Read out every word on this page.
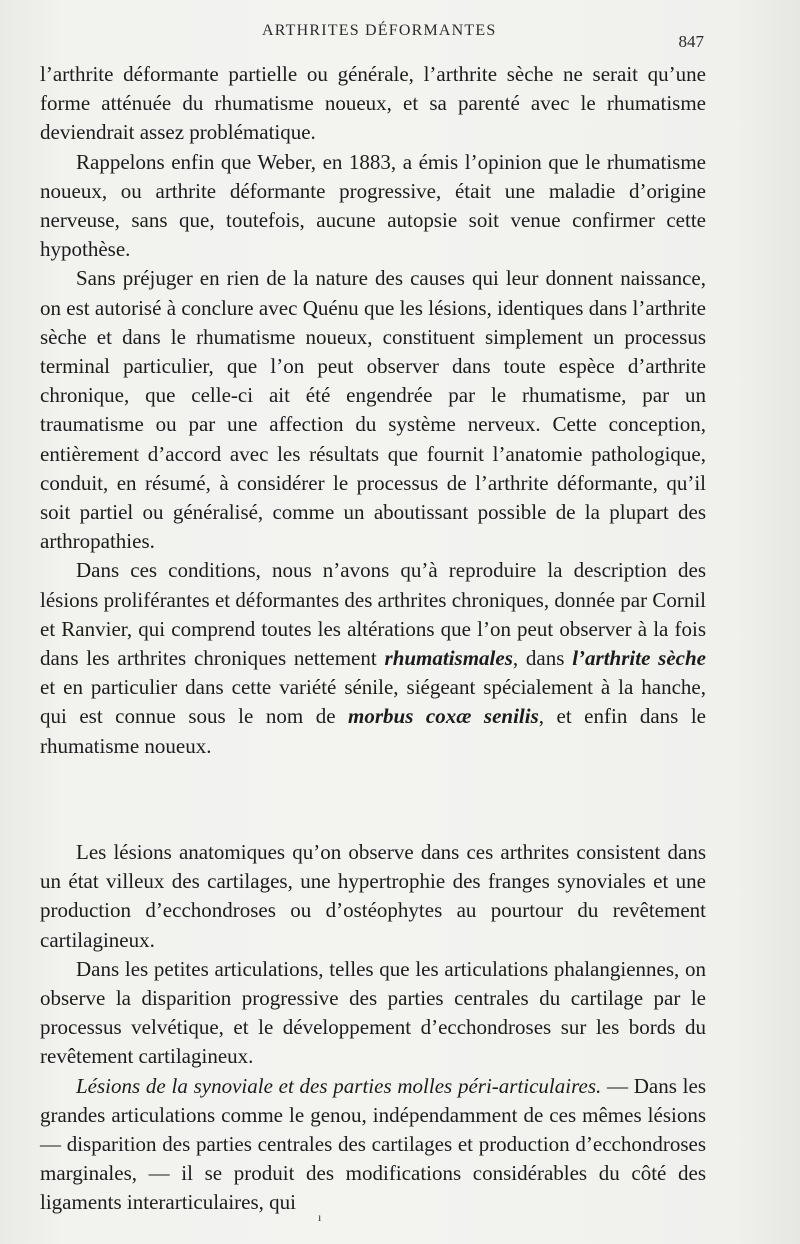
ARTHRITES DÉFORMANTES
847

l’arthrite déformante partielle ou générale, l’arthrite sèche ne serait qu’une forme atténuée du rhumatisme noueux, et sa parenté avec le rhumatisme deviendrait assez problématique.

Rappelons enfin que Weber, en 1883, a émis l’opinion que le rhumatisme noueux, ou arthrite déformante progressive, était une maladie d’origine nerveuse, sans que, toutefois, aucune autopsie soit venue confirmer cette hypothèse.

Sans préjuger en rien de la nature des causes qui leur donnent naissance, on est autorisé à conclure avec Quénu que les lésions, identiques dans l’arthrite sèche et dans le rhumatisme noueux, constituent simplement un processus terminal particulier, que l’on peut observer dans toute espèce d’arthrite chronique, que celle-ci ait été engendrée par le rhumatisme, par un traumatisme ou par une affection du système nerveux. Cette conception, entièrement d’accord avec les résultats que fournit l’anatomie pathologique, conduit, en résumé, à considérer le processus de l’arthrite déformante, qu’il soit partiel ou généralisé, comme un aboutissant possible de la plupart des arthropathies.

Dans ces conditions, nous n’avons qu’à reproduire la description des lésions proliférantes et déformantes des arthrites chroniques, donnée par Cornil et Ranvier, qui comprend toutes les altérations que l’on peut observer à la fois dans les arthrites chroniques nettement rhumatismales, dans l’arthrite sèche et en particulier dans cette variété sénile, siégeant spécialement à la hanche, qui est connue sous le nom de morbus coxæ senilis, et enfin dans le rhumatisme noueux.

Les lésions anatomiques qu’on observe dans ces arthrites consistent dans un état villeux des cartilages, une hypertrophie des franges synoviales et une production d’ecchondroses ou d’ostéophytes au pourtour du revêtement cartilagineux.

Dans les petites articulations, telles que les articulations phalangiennes, on observe la disparition progressive des parties centrales du cartilage par le processus velvétique, et le développement d’ecchondroses sur les bords du revêtement cartilagineux.

Lésions de la synoviale et des parties molles péri-articulaires. — Dans les grandes articulations comme le genou, indépendamment de ces mêmes lésions — disparition des parties centrales des cartilages et production d’ecchondroses marginales, — il se produit des modifications considérables du côté des ligaments interarticulaires, qui

ı
